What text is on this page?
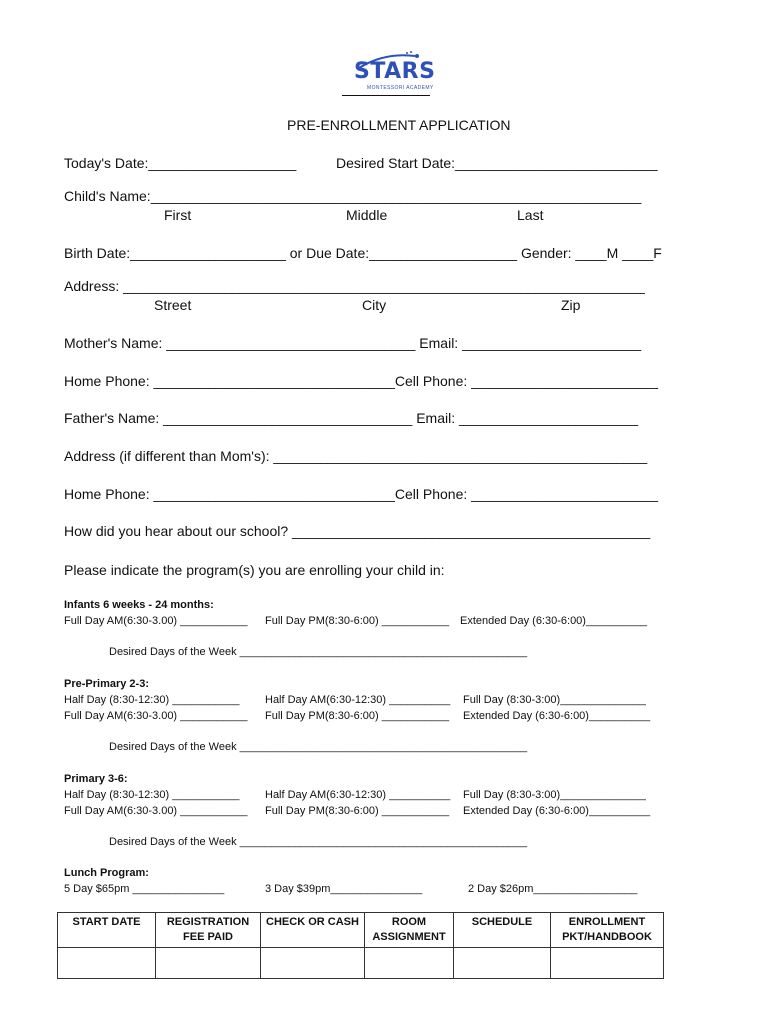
STARS
MONTESSORI ACADEMY
PRE-ENROLLMENT APPLICATION
Today's Date:___________________	Desired Start Date:__________________________
Child's Name:_______________________________________________________________
First	Middle	Last
Birth Date:____________________ or Due Date:___________________ Gender: ____M ____F
Address: ___________________________________________________________________
Street	City	Zip
Mother's Name: ________________________________ Email: _______________________
Home Phone: _______________________________Cell Phone: ________________________
Father's Name: ________________________________ Email: _______________________
Address (if different than Mom's): ________________________________________________
Home Phone: _______________________________Cell Phone: ________________________
How did you hear about our school? ______________________________________________
Please indicate the program(s) you are enrolling your child in:
Infants 6 weeks - 24 months:
Full Day AM(6:30-3.00) ___________ Full Day PM(8:30-6:00) ___________ Extended Day (6:30-6:00)__________
Desired Days of the Week _______________________________________________
Pre-Primary 2-3:
Half Day (8:30-12:30) ___________ Half Day AM(6:30-12:30) __________ Full Day (8:30-3:00)______________
Full Day AM(6:30-3.00) ___________ Full Day PM(8:30-6:00) ___________ Extended Day (6:30-6:00)__________
Desired Days of the Week _______________________________________________
Primary 3-6:
Half Day (8:30-12:30) ___________ Half Day AM(6:30-12:30) __________ Full Day (8:30-3:00)______________
Full Day AM(6:30-3.00) ___________ Full Day PM(8:30-6:00) ___________ Extended Day (6:30-6:00)__________
Desired Days of the Week _______________________________________________
Lunch Program:
5 Day $65pm _______________	3 Day $39pm_______________	2 Day $26pm_________________
START DATE	REGISTRATION FEE PAID	CHECK OR CASH	ROOM ASSIGNMENT	SCHEDULE	ENROLLMENT PKT/HANDBOOK
